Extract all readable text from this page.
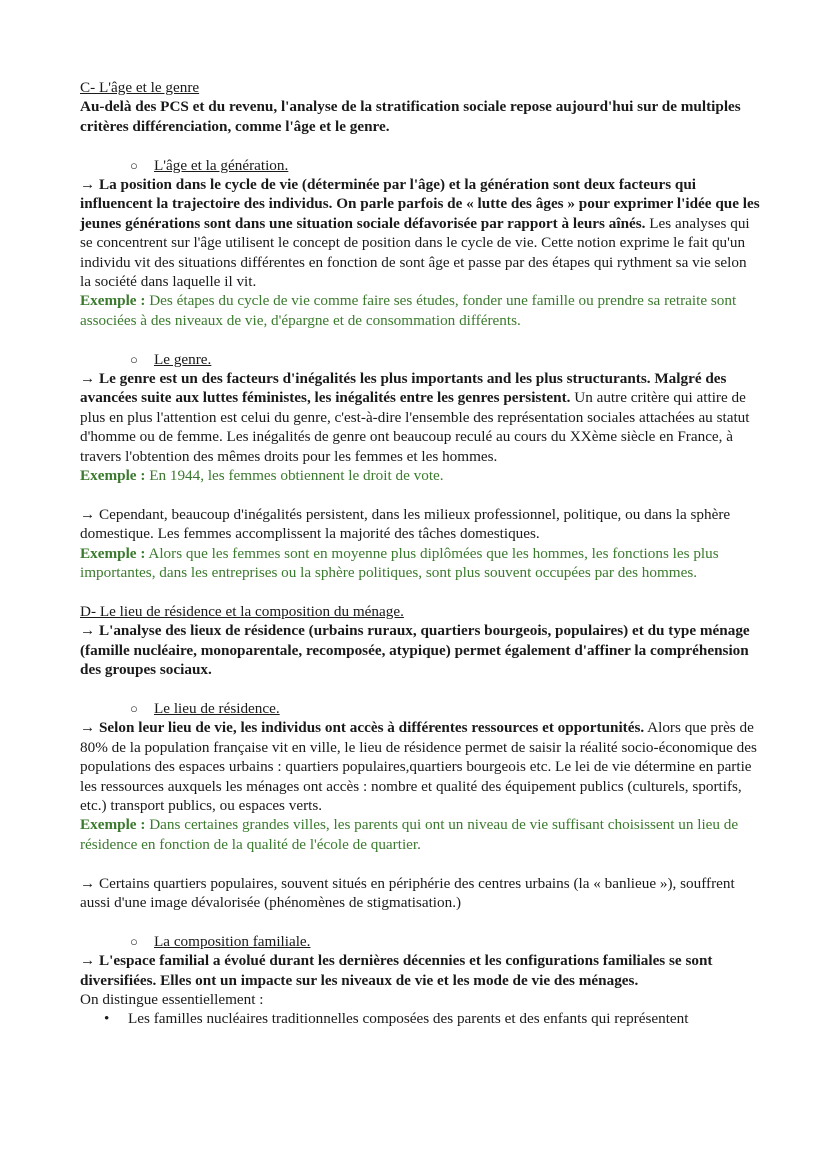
C- L'âge et le genre
Au-delà des PCS et du revenu, l'analyse de la stratification sociale repose aujourd'hui sur de multiples critères différenciation, comme l'âge et le genre.
○	L'âge et la génération.

→ La position dans le cycle de vie (déterminée par l'âge) et la génération sont deux facteurs qui influencent la trajectoire des individus. On parle parfois de « lutte des âges » pour exprimer l'idée que les jeunes générations sont dans une situation sociale défavorisée par rapport à leurs aînés. Les analyses qui se concentrent sur l'âge utilisent le concept de position dans le cycle de vie. Cette notion exprime le fait qu'un individu vit des situations différentes en fonction de sont âge et passe par des étapes qui rythment sa vie selon la société dans laquelle il vit.

Exemple : Des étapes du cycle de vie comme faire ses études, fonder une famille ou prendre sa retraite sont associées à des niveaux de vie, d'épargne et de consommation différents.

○	Le genre.

→ Le genre est un des facteurs d'inégalités les plus importants and les plus structurants. Malgré des avancées suite aux luttes féministes, les inégalités entre les genres persistent. Un autre critère qui attire de plus en plus l'attention est celui du genre, c'est-à-dire l'ensemble des représentation sociales attachées au statut d'homme ou de femme. Les inégalités de genre ont beaucoup reculé au cours du XXème siècle en France, à travers l'obtention des mêmes droits pour les femmes et les hommes.

Exemple : En 1944, les femmes obtiennent le droit de vote.

→ Cependant, beaucoup d'inégalités persistent, dans les milieux professionnel, politique, ou dans la sphère domestique. Les femmes accomplissent la majorité des tâches domestiques.

Exemple : Alors que les femmes sont en moyenne plus diplômées que les hommes, les fonctions les plus importantes, dans les entreprises ou la sphère politiques, sont plus souvent occupées par des hommes.

D- Le lieu de résidence et la composition du ménage.
→ L'analyse des lieux de résidence (urbains ruraux, quartiers bourgeois, populaires) et du type ménage (famille nucléaire, monoparentale, recomposée, atypique) permet également d'affiner la compréhension des groupes sociaux.
○	Le lieu de résidence.

→ Selon leur lieu de vie, les individus ont accès à différentes ressources et opportunités. Alors que près de 80% de la population française vit en ville, le lieu de résidence permet de saisir la réalité socio-économique des populations des espaces urbains : quartiers populaires,quartiers bourgeois etc. Le lei de vie détermine en partie les ressources auxquels les ménages ont accès : nombre et qualité des équipement publics (culturels, sportifs, etc.) transport publics, ou espaces verts.

Exemple : Dans certaines grandes villes, les parents qui ont un niveau de vie suffisant choisissent un lieu de résidence en fonction de la qualité de l'école de quartier.

→ Certains quartiers populaires, souvent situés en périphérie des centres urbains (la « banlieue »), souffrent aussi d'une image dévalorisée (phénomènes de stigmatisation.)

○	La composition familiale.

→ L'espace familial a évolué durant les dernières décennies et les configurations familiales se sont diversifiées. Elles ont un impacte sur les niveaux de vie et les mode de vie des ménages.

On distingue essentiellement :

•	Les familles nucléaires traditionnelles composées des parents et des enfants qui représentent
